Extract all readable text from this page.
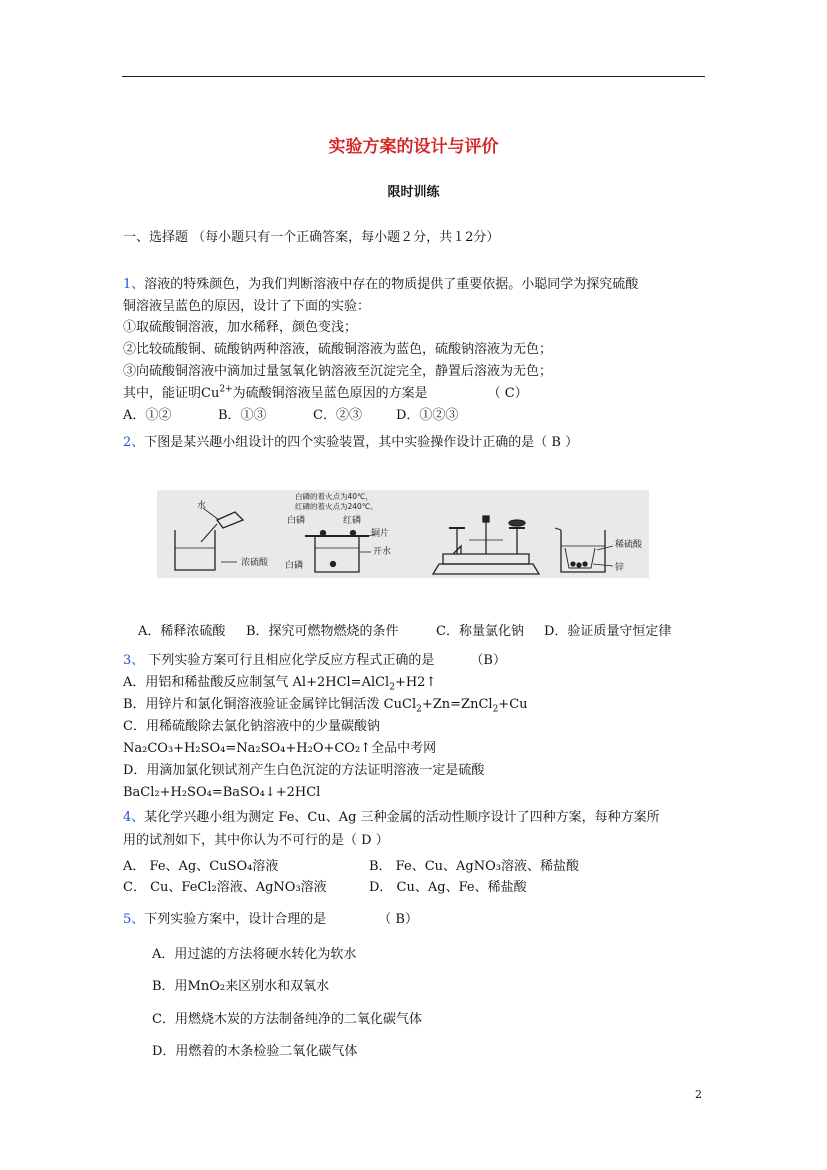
实验方案的设计与评价
限时训练
一、选择题 （每小题只有一个正确答案，每小题２分，共１2分）
1、溶液的特殊颜色，为我们判断溶液中存在的物质提供了重要依据。小聪同学为探究硫酸
铜溶液呈蓝色的原因，设计了下面的实验：
①取硫酸铜溶液，加水稀释，颜色变浅；
②比较硫酸铜、硫酸钠两种溶液，硫酸铜溶液为蓝色，硫酸钠溶液为无色；
③向硫酸铜溶液中滴加过量氢氧化钠溶液至沉淀完全，静置后溶液为无色；
其中，能证明$Cu^{2+}$为硫酸铜溶液呈蓝色原因的方案是	（ C）
A．①②	B．①③	C．②③	D．①②③
2、下图是某兴趣小组设计的四个实验装置，其中实验操作设计正确的是（ B ）
水
浓硫酸
白磷的着火点为40℃，
红磷的着火点为240℃。
白磷	红磷
铜片
开水
白磷
稀硫酸
锌
A．稀释浓硫酸 B．探究可燃物燃烧的条件	C．称量氯化钠 D．验证质量守恒定律
3、 下列实验方案可行且相应化学反应方程式正确的是	（B）
A．用铝和稀盐酸反应制氢气 Al+2HCl=AlCl$_2$+H2↑
B．用锌片和氯化铜溶液验证金属锌比铜活泼 CuCl$_2$+Zn=ZnCl$_2$+Cu
C．用稀硫酸除去氯化钠溶液中的少量碳酸钠
Na₂CO₃+H₂SO₄=Na₂SO₄+H₂O+CO₂↑全品中考网
D．用滴加氯化钡试剂产生白色沉淀的方法证明溶液一定是硫酸
BaCl₂+H₂SO₄=BaSO₄↓+2HCl
4、某化学兴趣小组为测定 Fe、Cu、Ag 三种金属的活动性顺序设计了四种方案，每种方案所
用的试剂如下，其中你认为不可行的是（ D ）
A． Fe、Ag、CuSO₄溶液	B． Fe、Cu、AgNO₃溶液、稀盐酸
C． Cu、FeCl₂溶液、AgNO₃溶液	D． Cu、Ag、Fe、稀盐酸
5、下列实验方案中，设计合理的是	（ B）
A．用过滤的方法将硬水转化为软水
B．用MnO₂来区别水和双氧水
C．用燃烧木炭的方法制备纯净的二氧化碳气体
D．用燃着的木条检验二氧化碳气体
2
